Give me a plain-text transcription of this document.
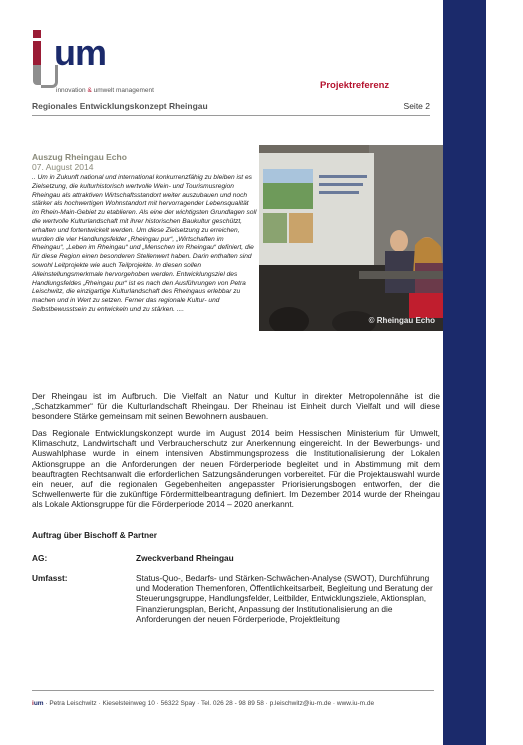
um
innovation & umwelt management	Projektreferenz
Regionales Entwicklungskonzept Rheingau	Seite 2
Auszug Rheingau Echo
07. August 2014
.. Um in Zukunft national und international konkurrenzfähig zu bleiben ist es Zielsetzung, die kulturhistorisch wertvolle Wein- und Tourismusregion Rheingau als attraktiven Wirtschaftsstandort weiter auszubauen und noch stärker als hochwertigen Wohnstandort mit hervorragender Lebensqualität im Rhein-Main-Gebiet zu etablieren. Als eine der wichtigsten Grundlagen soll die wertvolle Kulturlandschaft mit ihrer historischen Baukultur geschützt, erhalten und fortentwickelt werden. Um diese Zielsetzung zu erreichen, wurden die vier Handlungsfelder „Rheingau pur“, „Wirtschaften im Rheingau“, „Leben im Rheingau“ und „Menschen im Rheingau“ definiert, die für diese Region einen besonderen Stellenwert haben. Darin enthalten sind sowohl Leitprojekte wie auch Teilprojekte. In diesen sollen Alleinstellungsmerkmale hervorgehoben werden. Entwicklungsziel des Handlungsfeldes „Rheingau pur“ ist es nach den Ausführungen von Petra Leischwitz, die einzigartige Kulturlandschaft des Rheingaus erlebbar zu machen und in Wert zu setzen. Ferner das regionale Kultur- und Selbstbewusstsein zu entwickeln und zu stärken. ....
© Rheingau Echo
Der Rheingau ist im Aufbruch. Die Vielfalt an Natur und Kultur in direkter Metropolennähe ist die „Schatzkammer“ für die Kulturlandschaft Rheingau. Der Rheinau ist Einheit durch Vielfalt und will diese besondere Stärke gemeinsam mit seinen Bewohnern ausbauen.
Das Regionale Entwicklungskonzept wurde im August 2014 beim Hessischen Ministerium für Umwelt, Klimaschutz, Landwirtschaft und Verbraucherschutz zur Anerkennung eingereicht. In der Bewerbungs- und Auswahlphase wurde in einem intensiven Abstimmungsprozess die Institutionalisierung der Lokalen Aktionsgruppe an die Anforderungen der neuen Förderperiode begleitet und in Abstimmung mit dem beauftragten Rechtsanwalt die erforderlichen Satzungsänderungen vorbereitet. Für die Projektauswahl wurde ein neuer, auf die regionalen Gegebenheiten angepasster Priorisierungsbogen entworfen, der die Schwellenwerte für die zukünftige Fördermittelbeantragung definiert. Im Dezember 2014 wurde der Rheingau als Lokale Aktionsgruppe für die Förderperiode 2014 – 2020 anerkannt.
Auftrag über Bischoff & Partner
AG:	Zweckverband Rheingau
Umfasst:	Status-Quo-, Bedarfs- und Stärken-Schwächen-Analyse (SWOT), Durchführung und Moderation Themenforen, Öffentlichkeitsarbeit, Begleitung und Beratung der Steuerungsgruppe, Handlungsfelder, Leitbilder, Entwicklungsziele, Aktionsplan, Finanzierungsplan, Bericht, Anpassung der Institutionalisierung an die Anforderungen der neuen Förderperiode, Projektleitung
ium · Petra Leischwitz · Kieselsteinweg 10 · 56322 Spay · Tel. 026 28 - 98 89 58 · p.leischwitz@iu-m.de · www.iu-m.de
